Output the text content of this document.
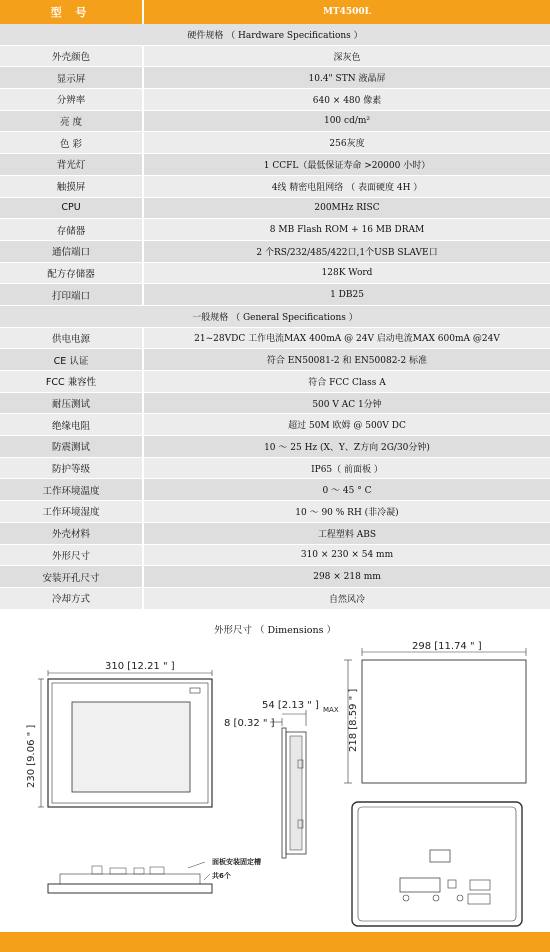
型 号	MT4500L
硬件规格 （ Hardware Specifications ）
外壳颜色	深灰色
显示屏	10.4" STN 液晶屏
分辨率	640 × 480 像素
亮 度	100 cd/m²
色 彩	256灰度
背光灯	1 CCFL（最低保证寿命 >20000 小时）
触摸屏	4线 精密电阻网络 （ 表面硬度 4H ）
CPU	200MHz RISC
存储器	8 MB Flash ROM + 16 MB DRAM
通信端口	2 个RS/232/485/422口,1个USB SLAVE口
配方存储器	128K Word
打印端口	1 DB25
一般规格 （ General Specifications ）
供电电源	21~28VDC 工作电流MAX 400mA @ 24V 启动电流MAX 600mA @24V
CE 认证	符合 EN50081-2 和 EN50082-2 标准
FCC 兼容性	符合 FCC Class A
耐压测试	500 V AC 1分钟
绝缘电阻	超过 50M 欧姆 @ 500V DC
防震测试	10 ～ 25 Hz (X、Y、Z方向 2G/30分钟)
防护等级	IP65（ 前面板 ）
工作环境温度	0 ～ 45 ° C
工作环境湿度	10 ～ 90 % RH (非冷凝)
外壳材料	工程塑料 ABS
外形尺寸	310 × 230 × 54 mm
安装开孔尺寸	298 × 218 mm
冷却方式	自然风冷
外形尺寸 （ Dimensions ）
310 [12.21 " ]
230 [9.06 " ]
54 [2.13 " ] MAX
8 [0.32 " ]
面板安装固定槽
共6个
298 [11.74 " ]
218 [8.59 " ]
